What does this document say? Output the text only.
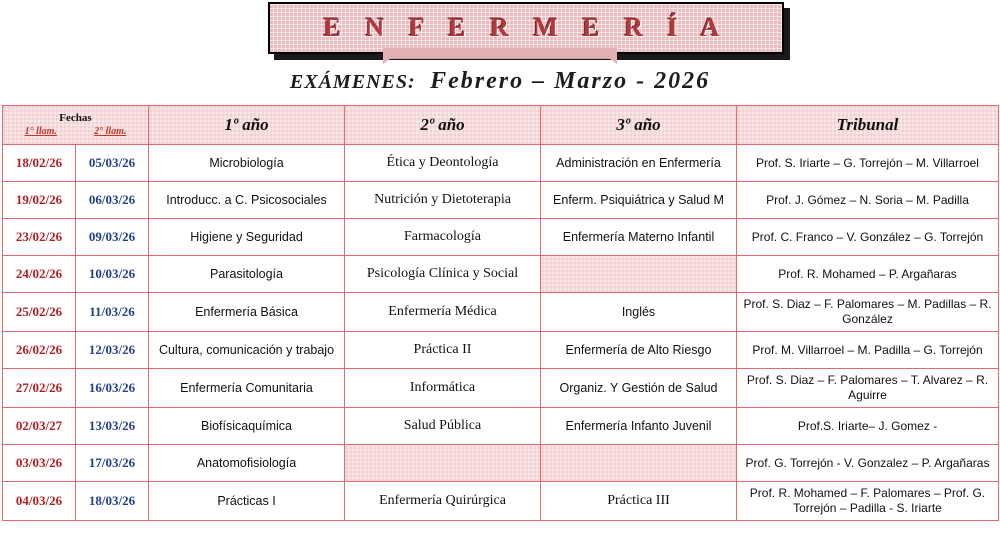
E N F E R M E R Í A
EXÁMENES: Febrero – Marzo - 2026
Fechas
1° llam. 2° llam.		1º año	2º año	3º año	Tribunal
18/02/26	05/03/26	Microbiología	Ética y Deontología	Administración en Enfermería	Prof. S. Iriarte – G. Torrejón – M. Villarroel
19/02/26	06/03/26	Introducc. a C. Psicosociales	Nutrición y Dietoterapia	Enferm. Psiquiátrica y Salud M	Prof. J. Gómez – N. Soria – M. Padilla
23/02/26	09/03/26	Higiene y Seguridad	Farmacología	Enfermería Materno Infantil	Prof. C. Franco – V. González – G. Torrejón
24/02/26	10/03/26	Parasitología	Psicología Clínica y Social		Prof. R. Mohamed – P. Argañaras
25/02/26	11/03/26	Enfermería Básica	Enfermería Médica	Inglés	Prof. S. Diaz – F. Palomares – M. Padillas – R. González
26/02/26	12/03/26	Cultura, comunicación y trabajo	Práctica II	Enfermería de Alto Riesgo	Prof. M. Villarroel – M. Padilla – G. Torrejón
27/02/26	16/03/26	Enfermería Comunitaria	Informática	Organiz. Y Gestión de Salud	Prof. S. Diaz – F. Palomares – T. Alvarez – R. Aguirre
02/03/27	13/03/26	Biofísicaquímica	Salud Pública	Enfermería Infanto Juvenil	Prof.S. Iriarte– J. Gomez -
03/03/26	17/03/26	Anatomofisiología			Prof. G. Torrejón - V. Gonzalez – P. Argañaras
04/03/26	18/03/26	Prácticas I	Enfermería Quirúrgica	Práctica III	Prof. R. Mohamed – F. Palomares – Prof. G. Torrejón – Padilla - S. Iriarte
